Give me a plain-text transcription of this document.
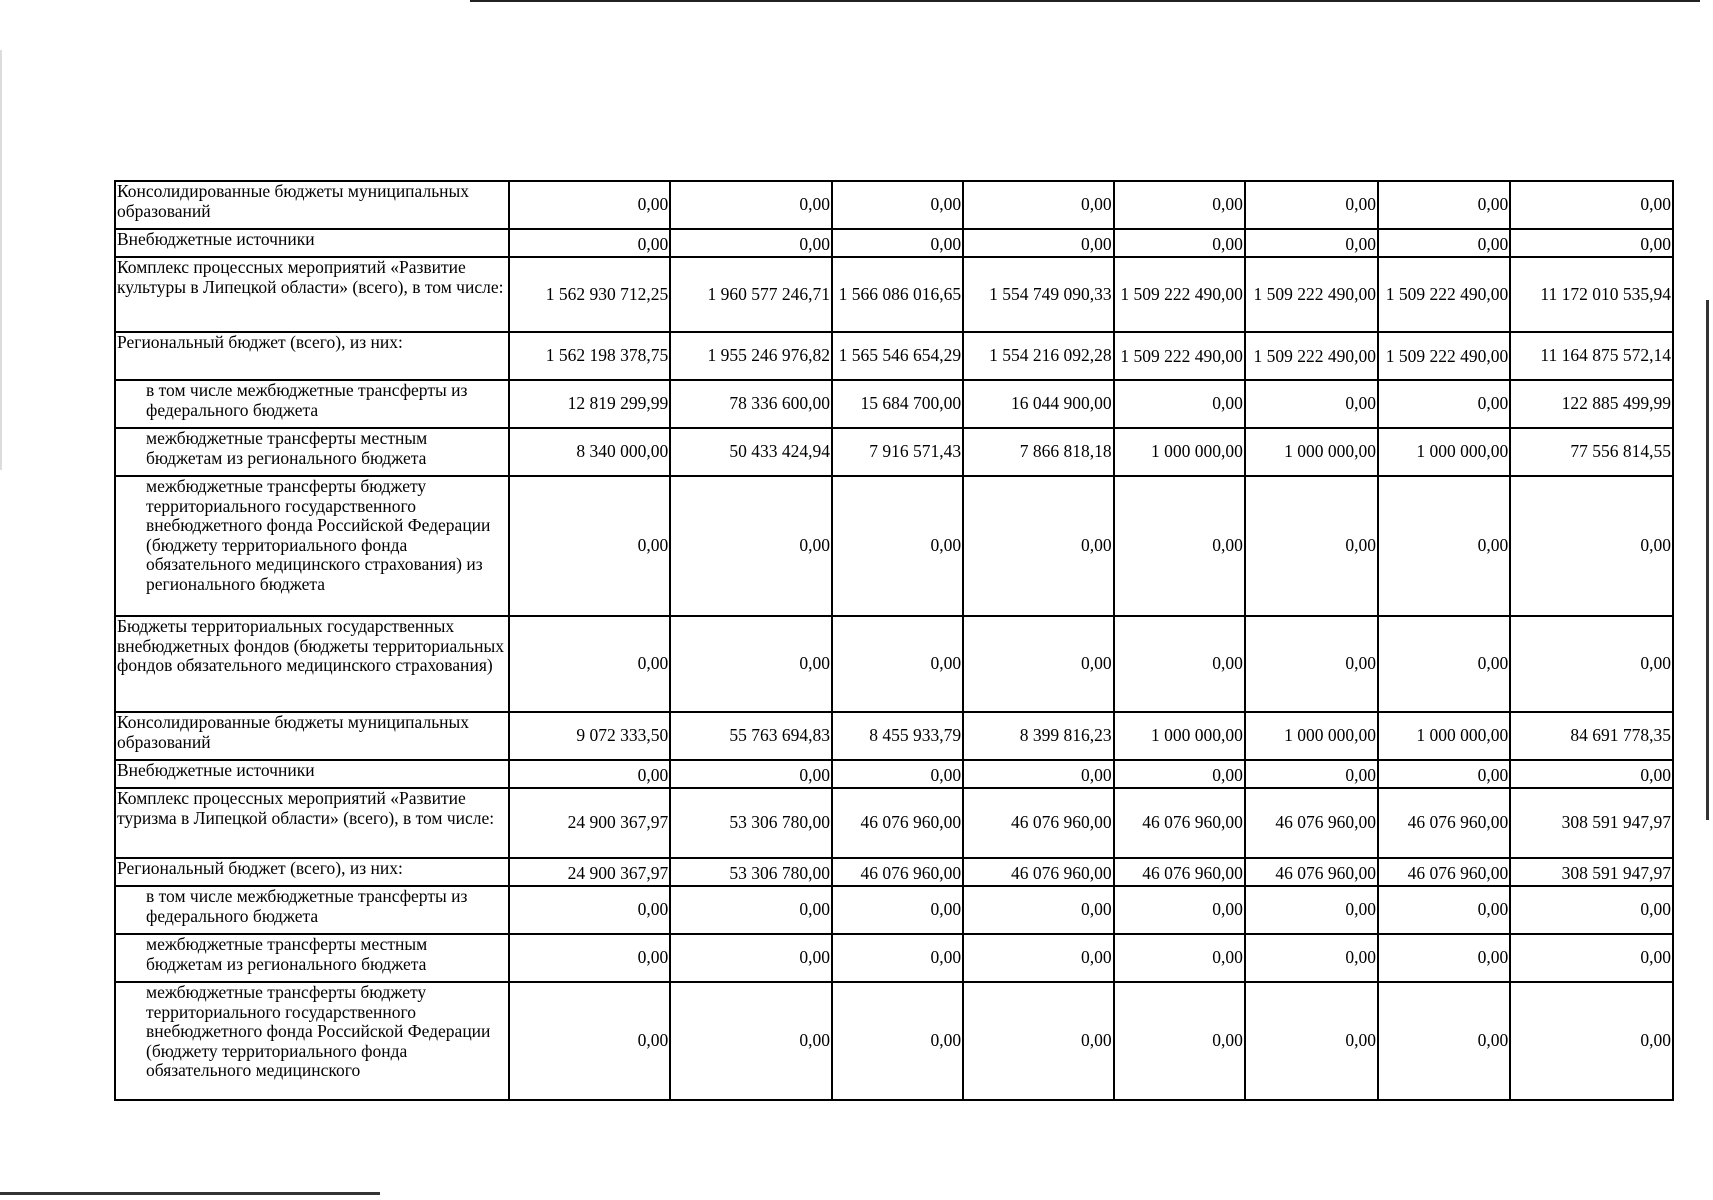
Консолидированные бюджеты муниципальных образований	0,00	0,00	0,00	0,00	0,00	0,00	0,00	0,00
Внебюджетные источники	0,00	0,00	0,00	0,00	0,00	0,00	0,00	0,00
Комплекс процессных мероприятий «Развитие культуры в Липецкой области» (всего), в том числе:	1 562 930 712,25	1 960 577 246,71	1 566 086 016,65	1 554 749 090,33	1 509 222 490,00	1 509 222 490,00	1 509 222 490,00	11 172 010 535,94
Региональный бюджет (всего), из них:	1 562 198 378,75	1 955 246 976,82	1 565 546 654,29	1 554 216 092,28	1 509 222 490,00	1 509 222 490,00	1 509 222 490,00	11 164 875 572,14
в том числе межбюджетные трансферты из федерального бюджета	12 819 299,99	78 336 600,00	15 684 700,00	16 044 900,00	0,00	0,00	0,00	122 885 499,99
межбюджетные трансферты местным бюджетам из регионального бюджета	8 340 000,00	50 433 424,94	7 916 571,43	7 866 818,18	1 000 000,00	1 000 000,00	1 000 000,00	77 556 814,55
межбюджетные трансферты бюджету территориального государственного внебюджетного фонда Российской Федерации (бюджету территориального фонда обязательного медицинского страхования) из регионального бюджета	0,00	0,00	0,00	0,00	0,00	0,00	0,00	0,00
Бюджеты территориальных государственных внебюджетных фондов (бюджеты территориальных фондов обязательного медицинского страхования)	0,00	0,00	0,00	0,00	0,00	0,00	0,00	0,00
Консолидированные бюджеты муниципальных образований	9 072 333,50	55 763 694,83	8 455 933,79	8 399 816,23	1 000 000,00	1 000 000,00	1 000 000,00	84 691 778,35
Внебюджетные источники	0,00	0,00	0,00	0,00	0,00	0,00	0,00	0,00
Комплекс процессных мероприятий «Развитие туризма в Липецкой области» (всего), в том числе:	24 900 367,97	53 306 780,00	46 076 960,00	46 076 960,00	46 076 960,00	46 076 960,00	46 076 960,00	308 591 947,97
Региональный бюджет (всего), из них:	24 900 367,97	53 306 780,00	46 076 960,00	46 076 960,00	46 076 960,00	46 076 960,00	46 076 960,00	308 591 947,97
в том числе межбюджетные трансферты из федерального бюджета	0,00	0,00	0,00	0,00	0,00	0,00	0,00	0,00
межбюджетные трансферты местным бюджетам из регионального бюджета	0,00	0,00	0,00	0,00	0,00	0,00	0,00	0,00
межбюджетные трансферты бюджету территориального государственного внебюджетного фонда Российской Федерации (бюджету территориального фонда обязательного медицинского	0,00	0,00	0,00	0,00	0,00	0,00	0,00	0,00
